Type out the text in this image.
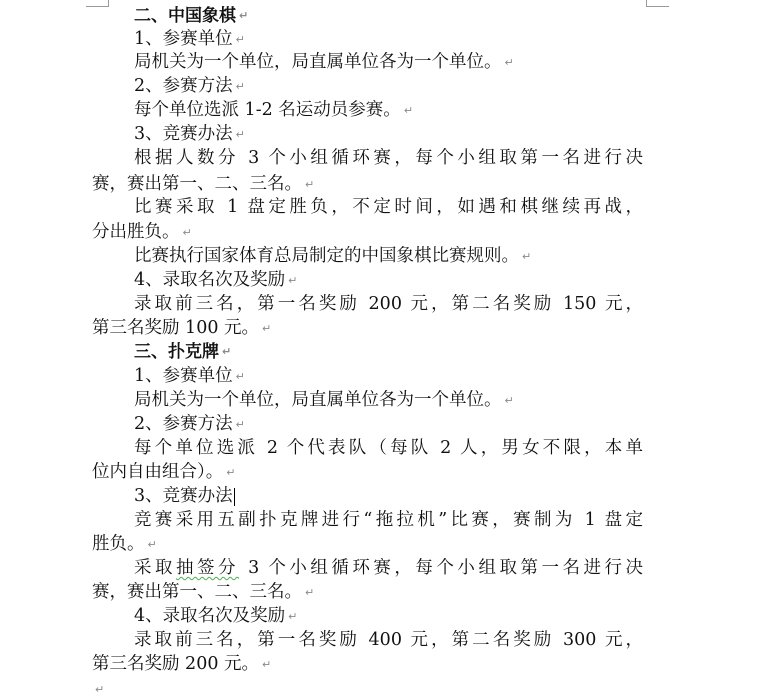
二、中国象棋↵
1、参赛单位↵
局机关为一个单位，局直属单位各为一个单位。↵
2、参赛方法↵
每个单位选派 1-2 名运动员参赛。↵
3、竞赛办法↵
根据人数分 3 个小组循环赛，每个小组取第一名进行决
赛，赛出第一、二、三名。↵
比赛采取 1 盘定胜负，不定时间，如遇和棋继续再战，
分出胜负。↵
比赛执行国家体育总局制定的中国象棋比赛规则。↵
4、录取名次及奖励↵
录取前三名，第一名奖励 200 元，第二名奖励 150 元，
第三名奖励 100 元。↵
三、扑克牌↵
1、参赛单位↵
局机关为一个单位，局直属单位各为一个单位。↵
2、参赛方法↵
每个单位选派 2 个代表队（每队 2 人，男女不限，本单
位内自由组合）。↵
3、竞赛办法
竞赛采用五副扑克牌进行“拖拉机”比赛，赛制为 1 盘定
胜负。↵
采取抽签分 3 个小组循环赛，每个小组取第一名进行决
赛，赛出第一、二、三名。↵
4、录取名次及奖励↵
录取前三名，第一名奖励 400 元，第二名奖励 300 元，
第三名奖励 200 元。↵
↵
